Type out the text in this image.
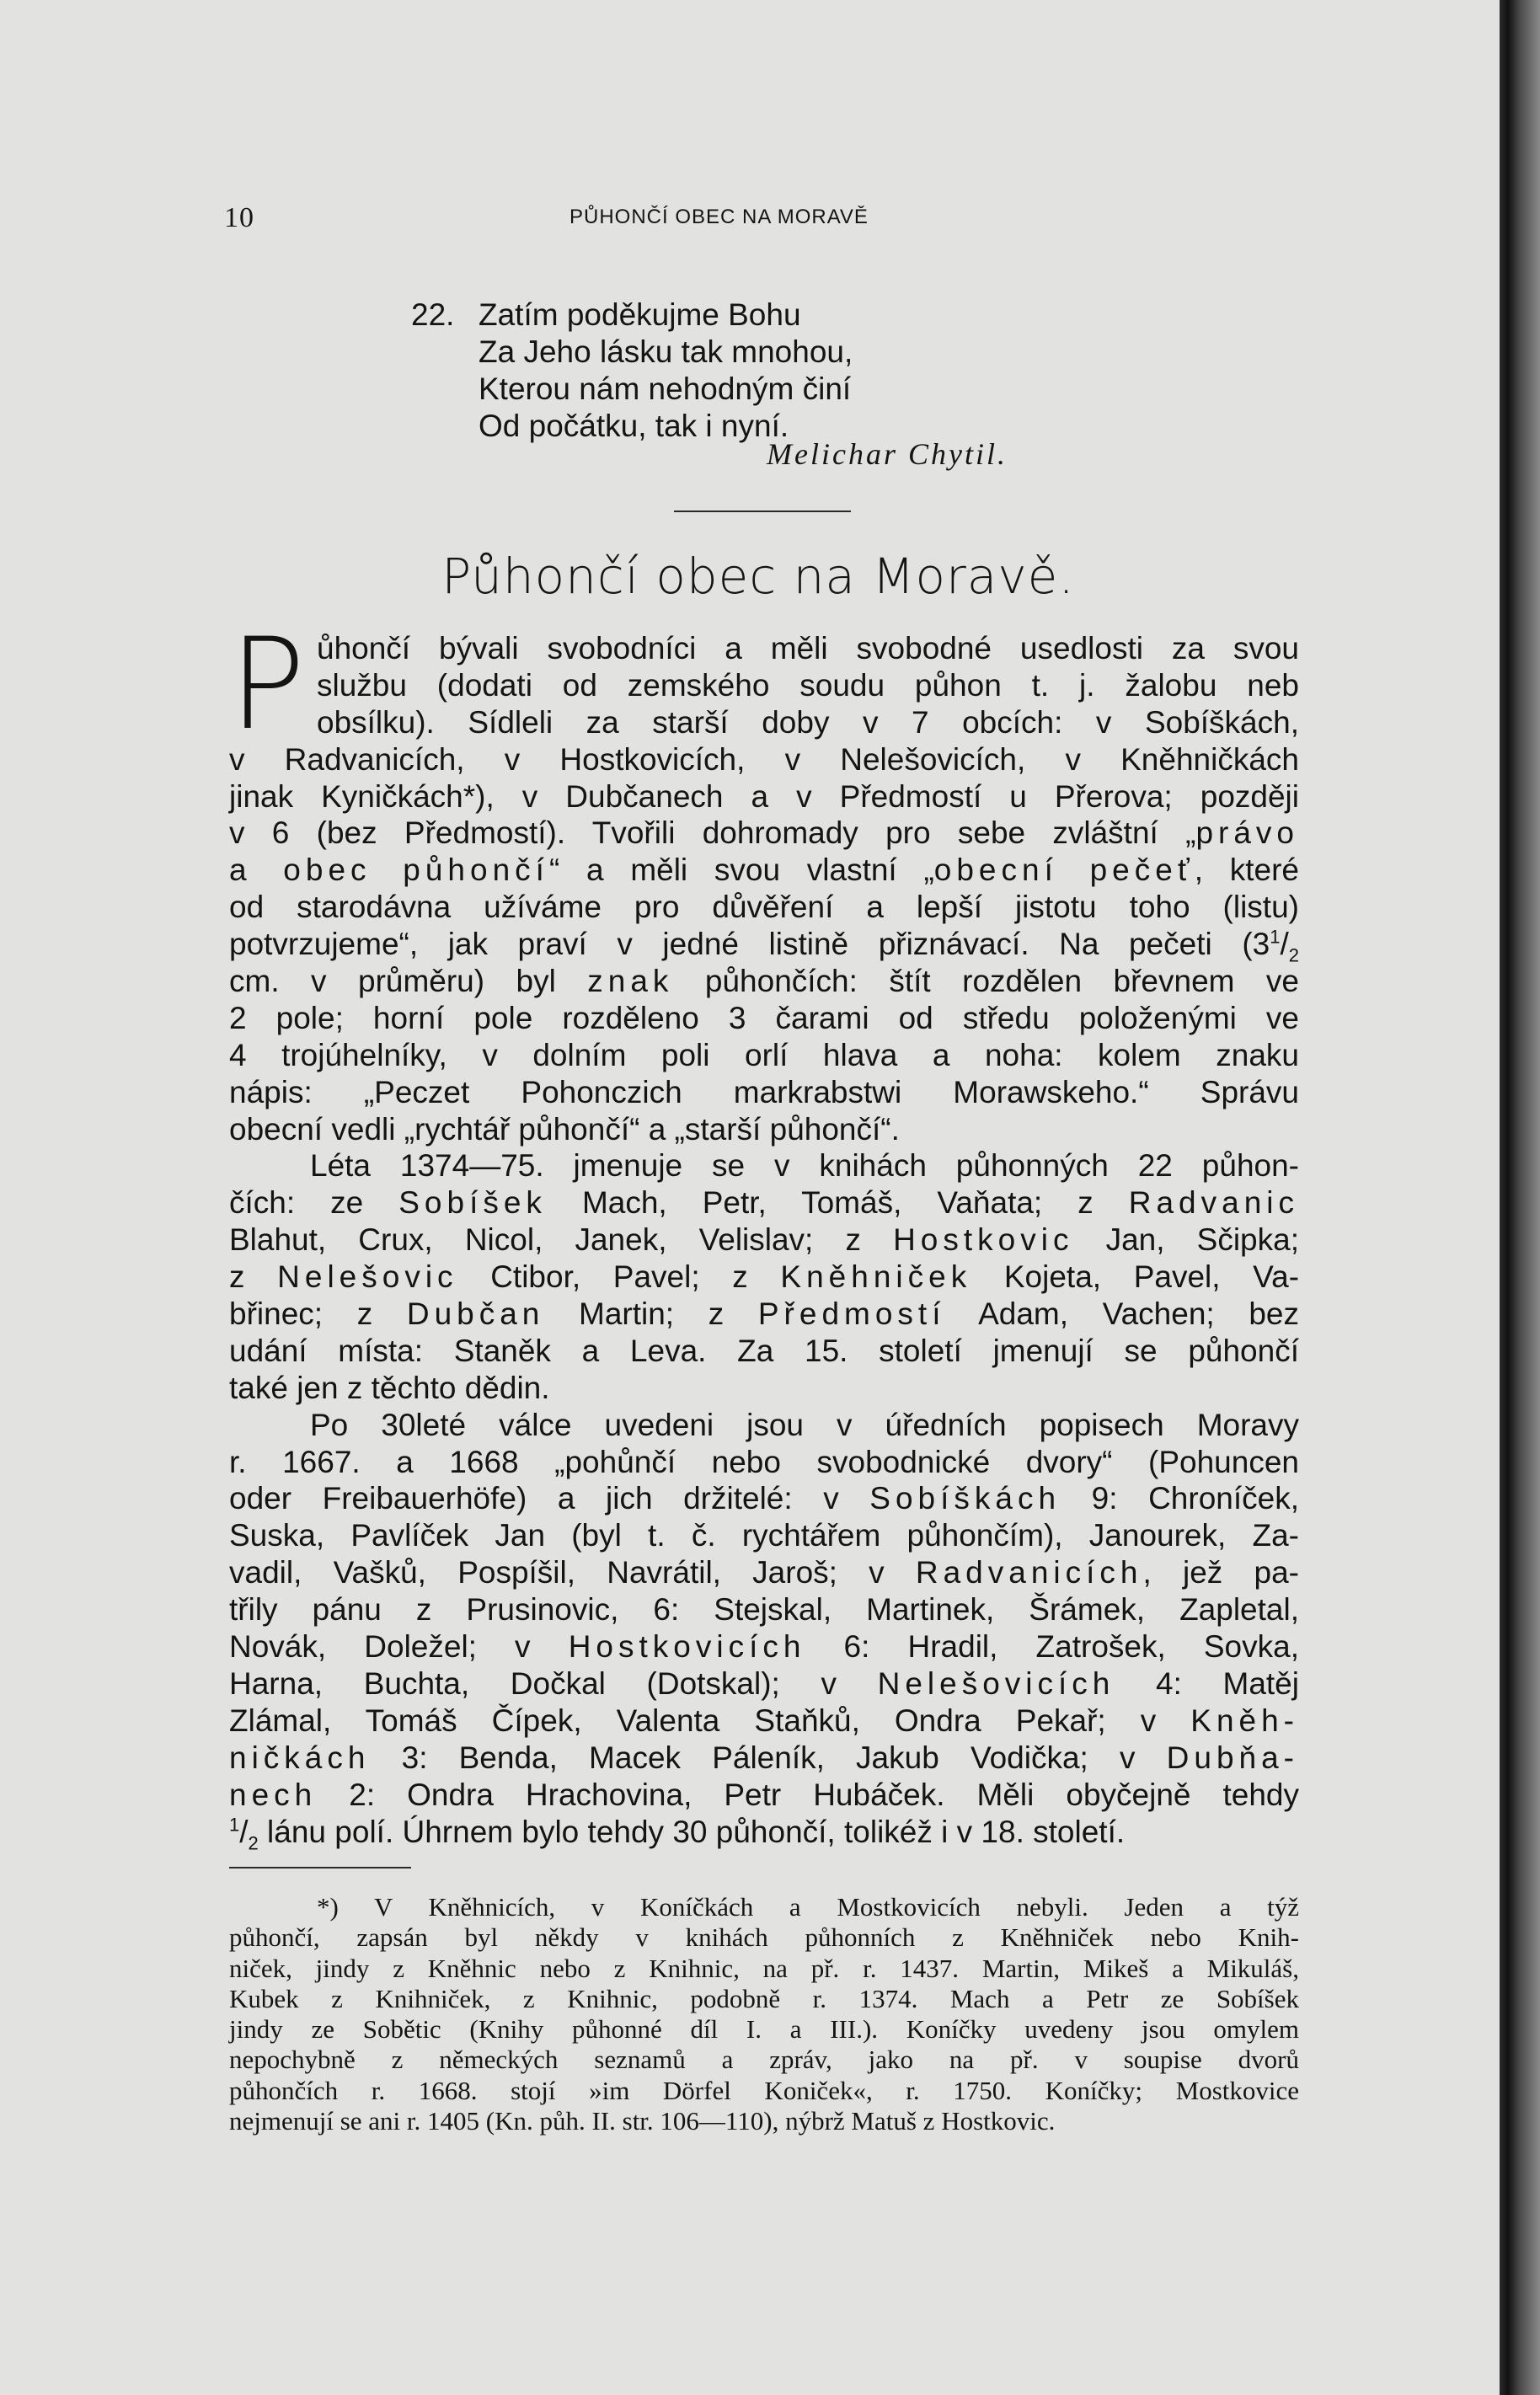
10	PŮHONČÍ OBEC NA MORAVĚ
22. Zatím poděkujme Bohu
Za Jeho lásku tak mnohou,
Kterou nám nehodným činí
Od počátku, tak i nyní.
Melichar Chytil.
Půhončí obec na Moravě.
P ůhončí bývali svobodníci a měli svobodné usedlosti za svou
službu (dodati od zemského soudu půhon t. j. žalobu neb
obsílku). Sídleli za starší doby v 7 obcích: v Sobíškách,
v Radvanicích, v Hostkovicích, v Nelešovicích, v Kněhničkách
jinak Kyničkách*), v Dubčanech a v Předmostí u Přerova; později
v 6 (bez Předmostí). Tvořili dohromady pro sebe zvláštní „právo
a obec půhončí“ a měli svou vlastní „obecní pečeť, které
od starodávna užíváme pro důvěření a lepší jistotu toho (listu)
potvrzujeme“, jak praví v jedné listině přiznávací. Na pečeti ($3^1/_2$
cm. v průměru) byl znak půhončích: štít rozdělen břevnem ve
2 pole; horní pole rozděleno 3 čarami od středu položenými ve
4 trojúhelníky, v dolním poli orlí hlava a noha: kolem znaku
nápis: „Peczet Pohonczich markrabstwi Morawskeho.“ Správu
obecní vedli „rychtář půhončí“ a „starší půhončí“.
Léta 1374—75. jmenuje se v knihách půhonných 22 půhon-
čích: ze Sobíšek Mach, Petr, Tomáš, Vaňata; z Radvanic
Blahut, Crux, Nicol, Janek, Velislav; z Hostkovic Jan, Sčipka;
z Nelešovic Ctibor, Pavel; z Kněhniček Kojeta, Pavel, Va-
břinec; z Dubčan Martin; z Předmostí Adam, Vachen; bez
udání místa: Staněk a Leva. Za 15. století jmenují se půhončí
také jen z těchto dědin.
Po 30leté válce uvedeni jsou v úředních popisech Moravy
r. 1667. a 1668 „pohůnčí nebo svobodnické dvory“ (Pohuncen
oder Freibauerhöfe) a jich držitelé: v Sobíškách 9: Chroníček,
Suska, Pavlíček Jan (byl t. č. rychtářem půhončím), Janourek, Za-
vadil, Vašků, Pospíšil, Navrátil, Jaroš; v Radvanicích, jež pa-
třily pánu z Prusinovic, 6: Stejskal, Martinek, Šrámek, Zapletal,
Novák, Doležel; v Hostkovicích 6: Hradil, Zatrošek, Sovka,
Harna, Buchta, Dočkal (Dotskal); v Nelešovicích 4: Matěj
Zlámal, Tomáš Čípek, Valenta Staňků, Ondra Pekař; v Kněh-
ničkách 3: Benda, Macek Páleník, Jakub Vodička; v Dubňa-
nech 2: Ondra Hrachovina, Petr Hubáček. Měli obyčejně tehdy
$^1/_2$ lánu polí. Úhrnem bylo tehdy 30 půhončí, tolikéž i v 18. století.
*) V Kněhnicích, v Koníčkách a Mostkovicích nebyli. Jeden a týž
půhončí, zapsán byl někdy v knihách půhonních z Kněhniček nebo Knih-
niček, jindy z Kněhnic nebo z Knihnic, na př. r. 1437. Martin, Mikeš a Mikuláš,
Kubek z Knihniček, z Knihnic, podobně r. 1374. Mach a Petr ze Sobíšek
jindy ze Sobětic (Knihy půhonné díl I. a III.). Koníčky uvedeny jsou omylem
nepochybně z německých seznamů a zpráv, jako na př. v soupise dvorů
půhončích r. 1668. stojí »im Dörfel Koniček«, r. 1750. Koníčky; Mostkovice
nejmenují se ani r. 1405 (Kn. půh. II. str. 106—110), nýbrž Matuš z Hostkovic.
